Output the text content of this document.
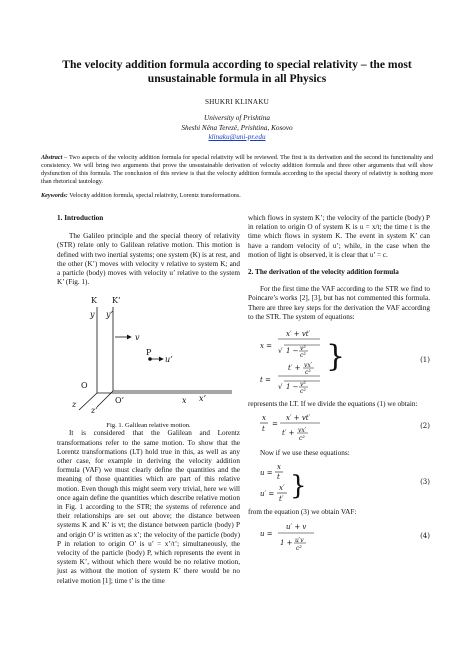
The velocity addition formula according to special relativity – the most unsustainable formula in all Physics
SHUKRI KLINAKU
University of Prishtina
Sheshi Nëna Terezë, Prishtina, Kosovo
klinaku@uni-pr.edu
Abstract – Two aspects of the velocity addition formula for special relativity will be reviewed. The first is its derivation and the second its functionality and consistency. We will bring two arguments that prove the unsustainable derivation of velocity addition formula and three other arguments that will show dysfunction of this formula. The conclusion of this review is that the velocity addition formula according to the special theory of relativity is nothing more than rhetorical tautology.
Keywords: Velocity addition formula, special relativity, Lorentz transformations.
1. Introduction

The Galileo principle and the special theory of relativity (STR) relate only to Galilean relative motion. This motion is defined with two inertial systems; one system (K) is at rest, and the other (K’) moves with velocity v relative to system K; and a particle (body) moves with velocity u’ relative to the system K’ (Fig. 1).

K K’
y y’
v
P
u’
O
O’	x x’
z
z’
Fig. 1. Galilean relative motion.

It is considered that the Galilean and Lorentz transformations refer to the same motion. To show that the Lorentz transformations (LT) hold true in this, as well as any other case, for example in deriving the velocity addition formula (VAF) we must clearly define the quantities and the meaning of those quantities which are part of this relative motion. Even though this might seem very trivial, here we will once again define the quantities which describe relative motion in Fig. 1 according to the STR; the systems of reference and their relationships are set out above; the distance between systems K and K’ is vt; the distance between particle (body) P and origin O’ is written as x’; the velocity of the particle (body) P in relation to origin O’ is u’ = x’/t’; simultaneously, the velocity of the particle (body) P, which represents the event in system K’, without which there would be no relative motion, just as without the motion of system K’ there would be no relative motion [1]; time t’ is the time

which flows in system K’; the velocity of the particle (body) P in relation to origin O of system K is u = x/t; the time t is the time which flows in system K. The event in system K’ can have a random velocity of u’; while, in the case when the motion of light is observed, it is clear that u’ = c.

2. The derivation of the velocity addition formula

For the first time the VAF according to the STR we find to Poincare’s works [2], [3], but has not commented this formula. There are three key steps for the derivation the VAF according to the STR. The system of equations:

x =
x′ + vt′
√ 1 − v²
c²
t =
t′ + vx′
c²
√ 1 − v²
c²
}	(1)

represents the LT. If we divide the equations (1) we obtain:

x
t
=
x′ + vt′
t′ + vx′
c²
(2)

Now if we use these equations:

u =
x
t
u′ =
x′
t′ }	(3)

from the equation (3) we obtain VAF:

u =
u′ + v
1 + u′v
c²
(4)
